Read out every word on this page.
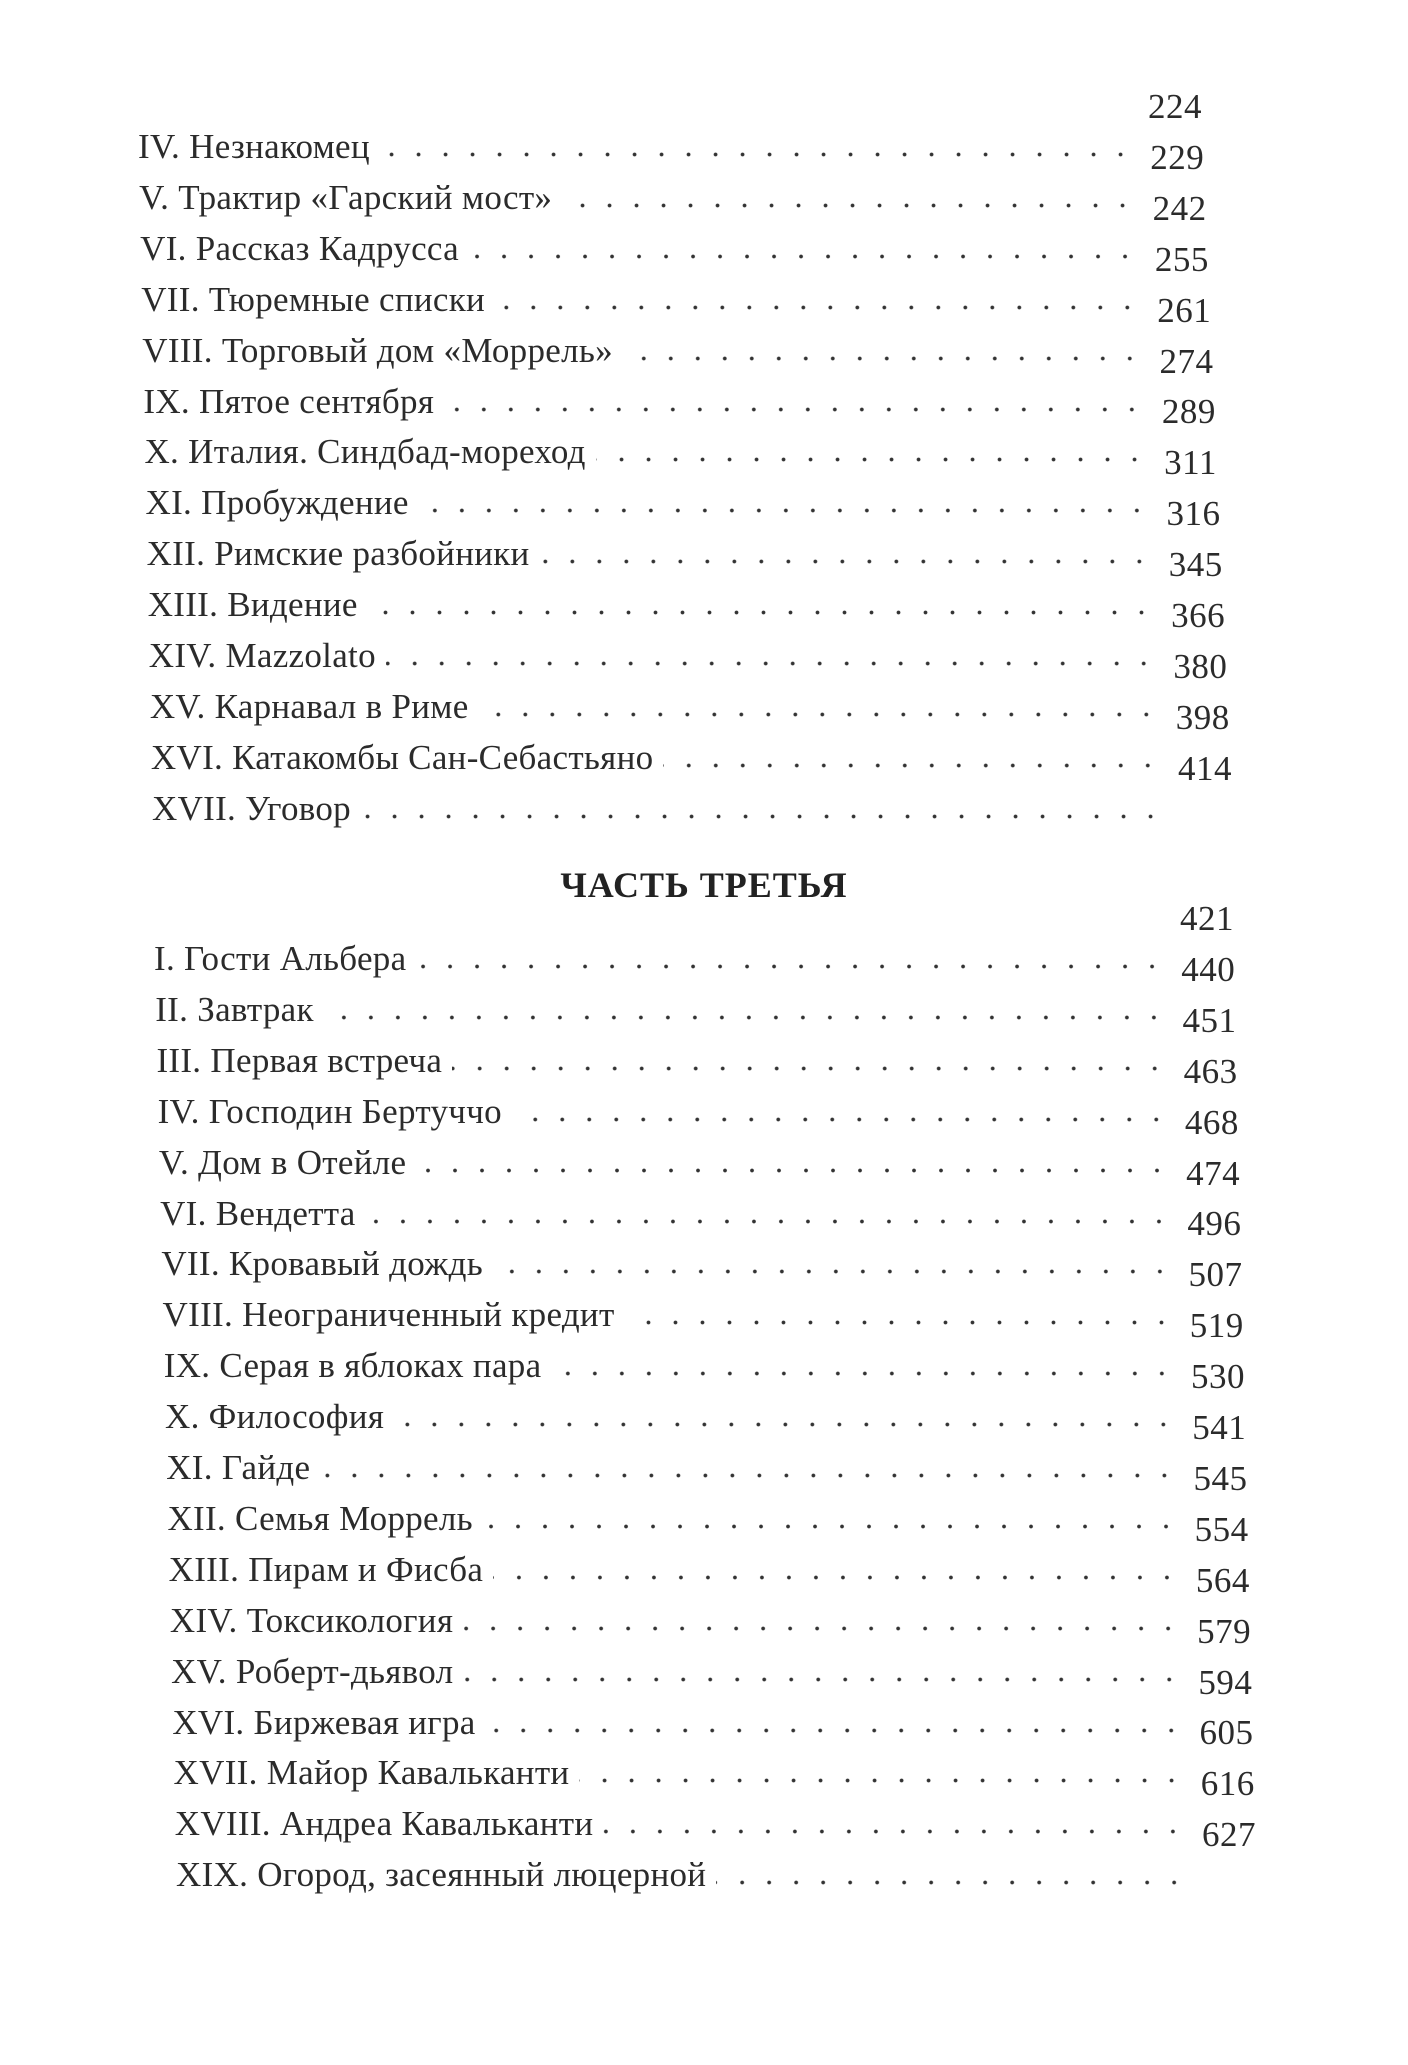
IV. Незнакомец
224
V. Трактир «Гарский мост»
229
VI. Рассказ Кадрусса
242
VII. Тюремные списки
255
VIII. Торговый дом «Моррель»
261
IX. Пятое сентября
274
X. Италия. Синдбад-мореход
289
XI. Пробуждение
311
XII. Римские разбойники
316
XIII. Видение
345
XIV. Mazzolato
366
XV. Карнавал в Риме
380
XVI. Катакомбы Сан-Себастьяно
398
XVII. Уговор
414
ЧАСТЬ ТРЕТЬЯ
I. Гости Альбера
421
II. Завтрак
440
III. Первая встреча
451
IV. Господин Бертуччо
463
V. Дом в Отейле
468
VI. Вендетта
474
VII. Кровавый дождь
496
VIII. Неограниченный кредит
507
IX. Серая в яблоках пара
519
X. Философия
530
XI. Гайде
541
XII. Семья Моррель
545
XIII. Пирам и Фисба
554
XIV. Токсикология
564
XV. Роберт-дьявол
579
XVI. Биржевая игра
594
XVII. Майор Кавальканти
605
XVIII. Андреа Кавальканти
616
XIX. Огород, засеянный люцерной
627
